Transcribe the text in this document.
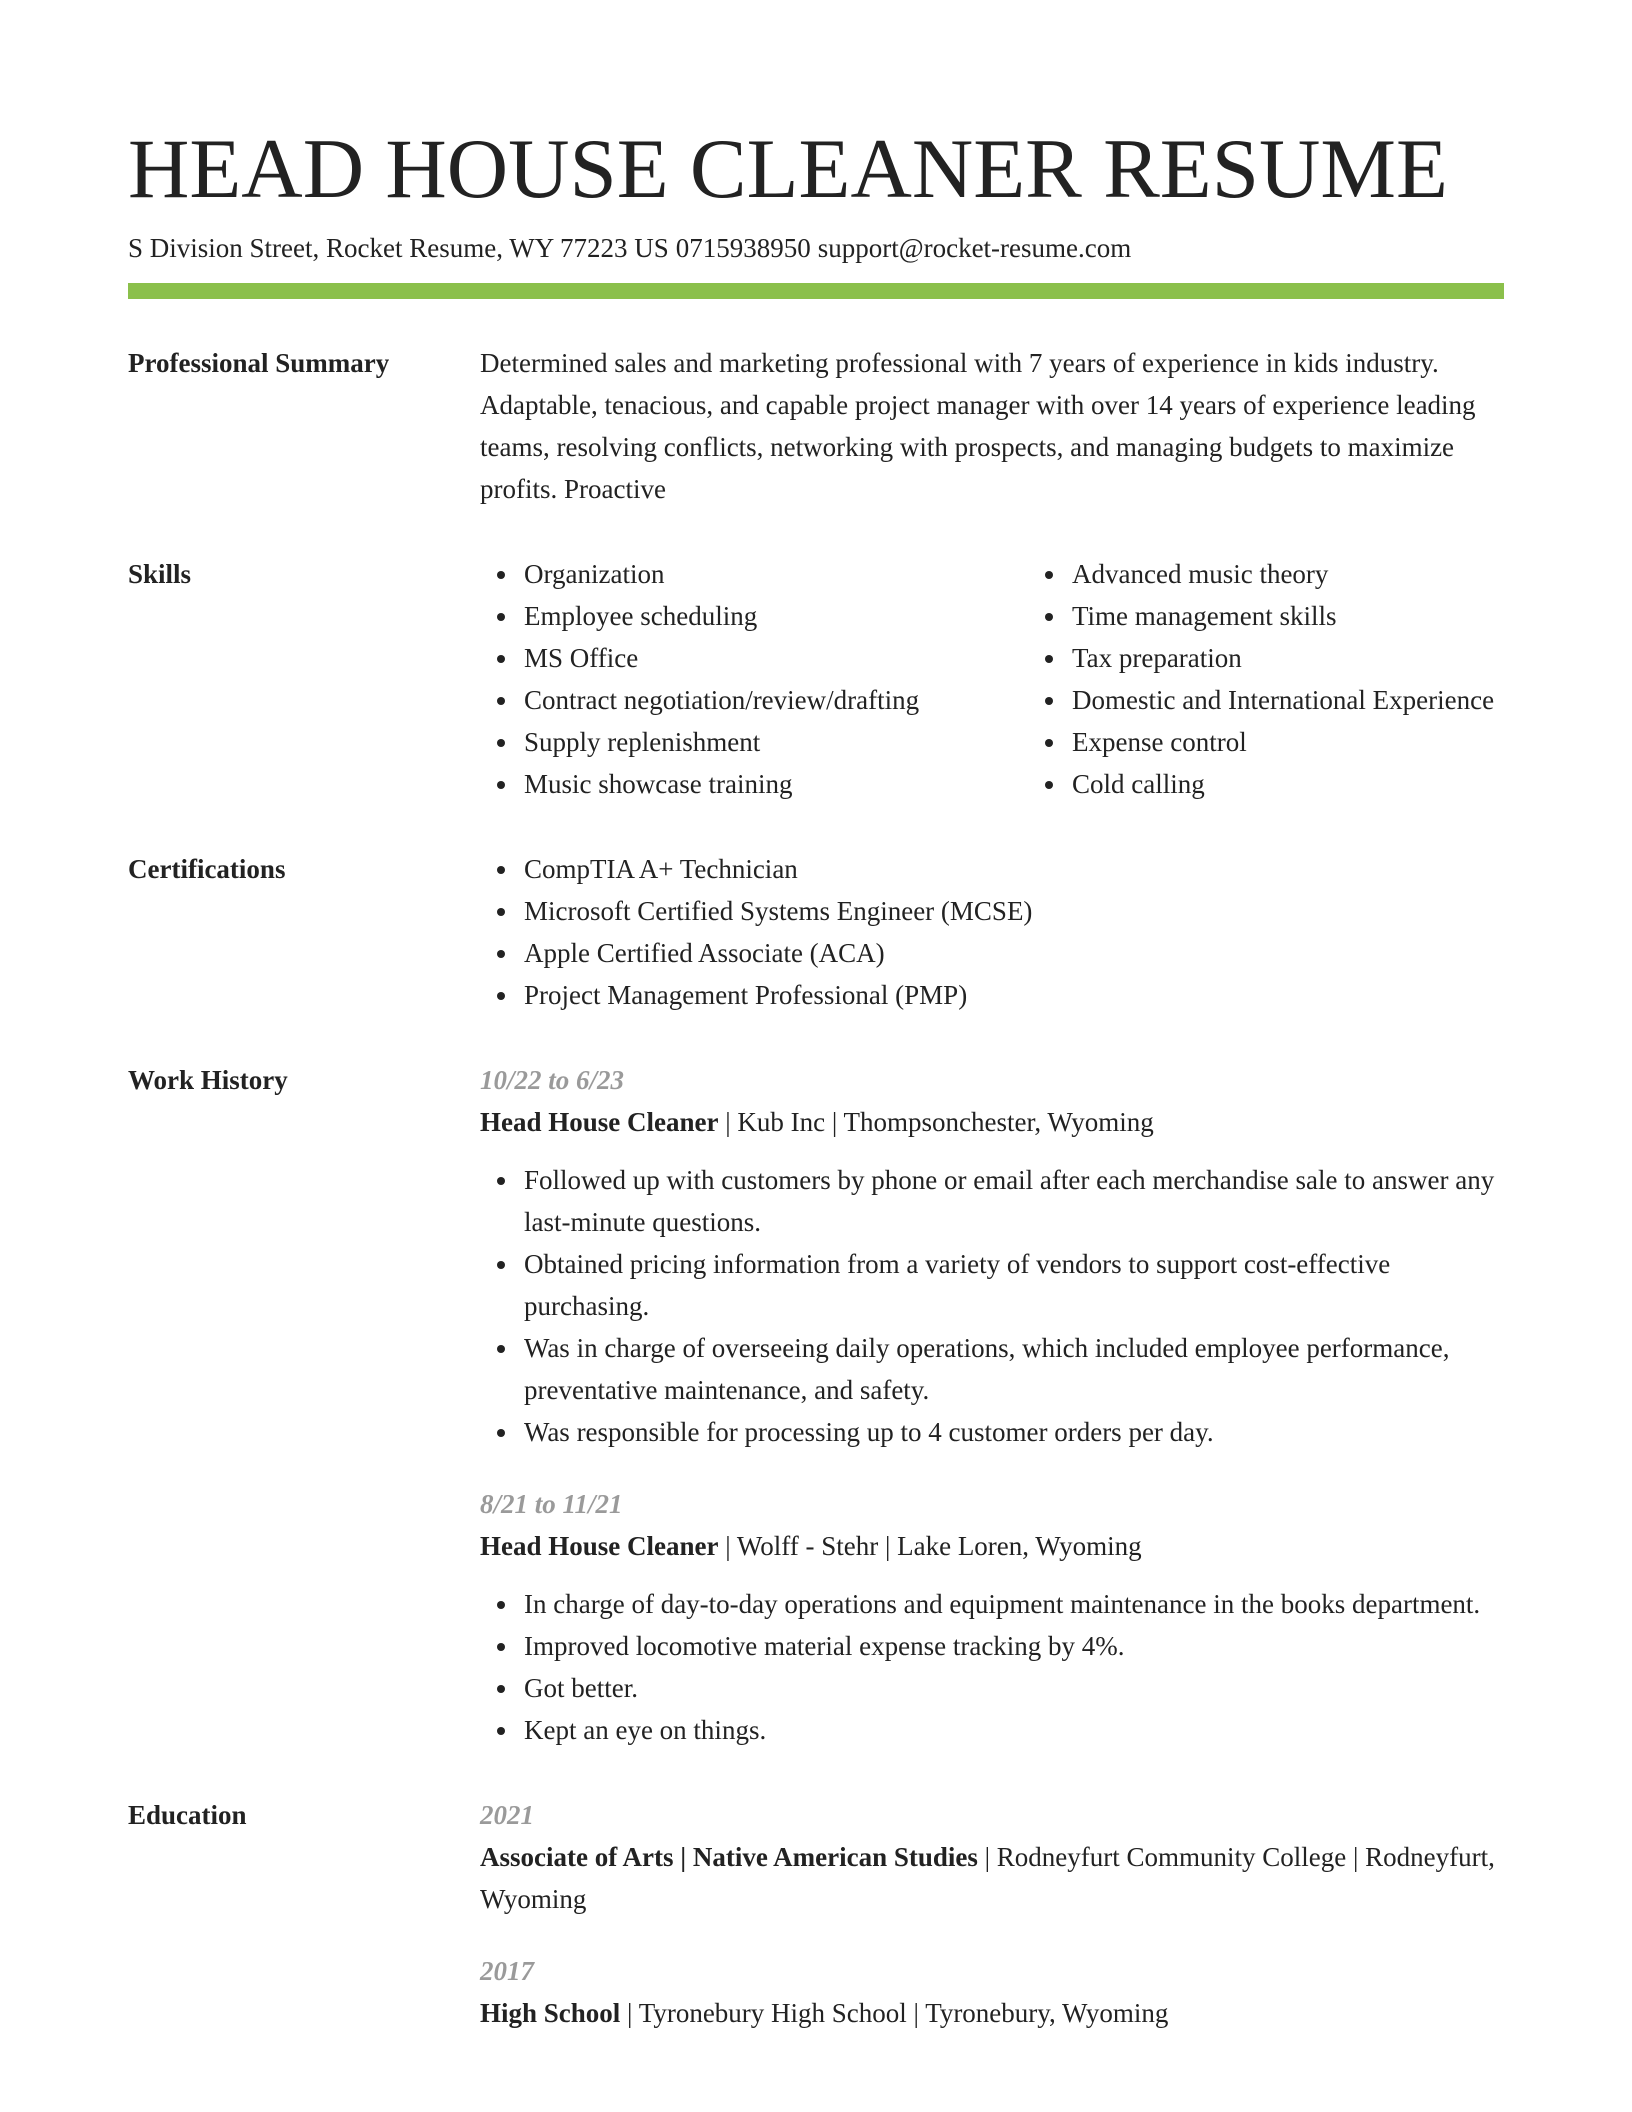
HEAD HOUSE CLEANER RESUME
S Division Street, Rocket Resume, WY 77223 US 0715938950 support@rocket-resume.com
Professional Summary	Determined sales and marketing professional with 7 years of experience in kids industry. Adaptable, tenacious, and capable project manager with over 14 years of experience leading teams, resolving conflicts, networking with prospects, and managing budgets to maximize profits. Proactive

Skills	Organization
Employee scheduling
MS Office
Contract negotiation/review/drafting
Supply replenishment
Music showcase training
Advanced music theory
Time management skills
Tax preparation
Domestic and International Experience
Expense control
Cold calling
Certifications	CompTIA A+ Technician
Microsoft Certified Systems Engineer (MCSE)
Apple Certified Associate (ACA)
Project Management Professional (PMP)
Work History	10/22 to 6/23
Head House Cleaner | Kub Inc | Thompsonchester, Wyoming
Followed up with customers by phone or email after each merchandise sale to answer any last-minute questions.
Obtained pricing information from a variety of vendors to support cost-effective purchasing.
Was in charge of overseeing daily operations, which included employee performance, preventative maintenance, and safety.
Was responsible for processing up to 4 customer orders per day.
8/21 to 11/21
Head House Cleaner | Wolff - Stehr | Lake Loren, Wyoming
In charge of day-to-day operations and equipment maintenance in the books department.
Improved locomotive material expense tracking by 4%.
Got better.
Kept an eye on things.
Education	2021
Associate of Arts | Native American Studies | Rodneyfurt Community College | Rodneyfurt, Wyoming
2017
High School | Tyronebury High School | Tyronebury, Wyoming
